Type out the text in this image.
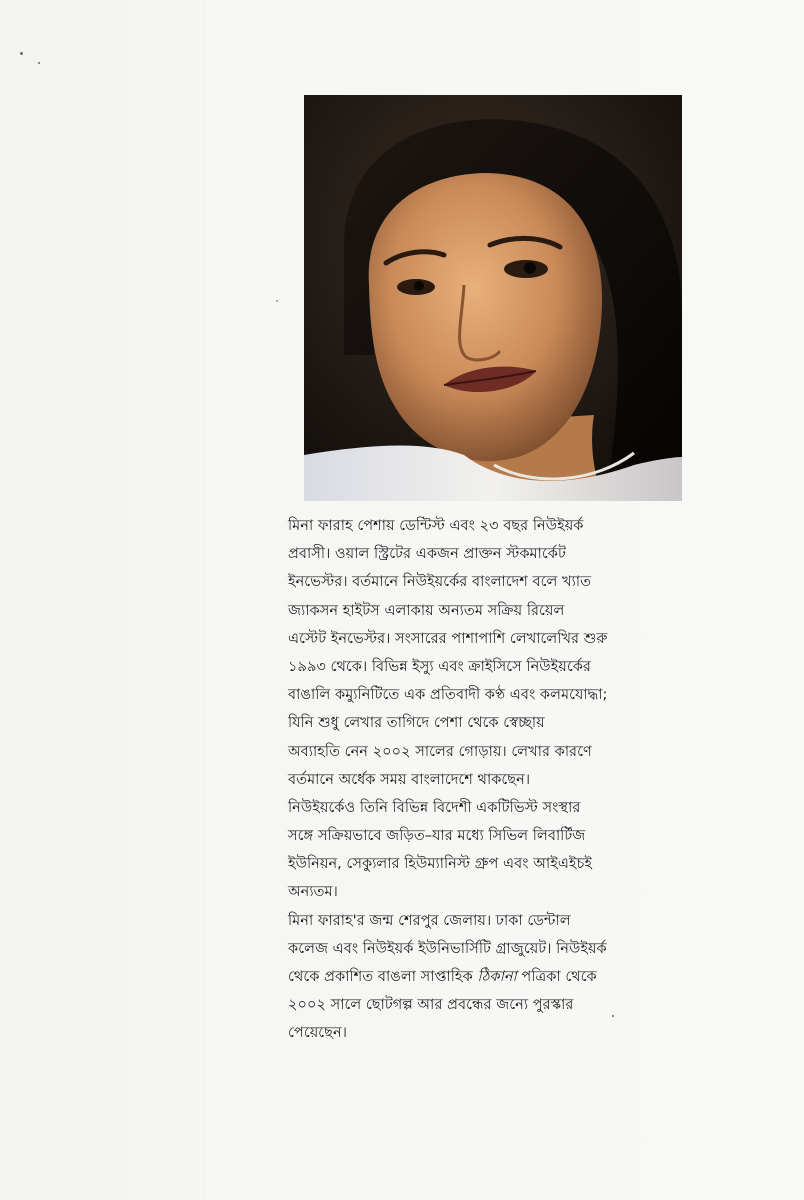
মিনা ফারাহ পেশায় ডেন্টিস্ট এবং ২৩ বছর নিউইয়র্ক
প্রবাসী। ওয়াল স্ট্রিটের একজন প্রাক্তন স্টকমার্কেট
ইনভেস্টর। বর্তমানে নিউইয়র্কের বাংলাদেশ বলে খ্যাত
জ্যাকসন হাইটস এলাকায় অন্যতম সক্রিয় রিয়েল
এস্টেট ইনভেস্টর। সংসারের পাশাপাশি লেখালেখির শুরু
১৯৯৩ থেকে। বিভিন্ন ইস্যু এবং ক্রাইসিসে নিউইয়র্কের
বাঙালি কম্যুনিটিতে এক প্রতিবাদী কণ্ঠ এবং কলমযোদ্ধা;
যিনি শুধু লেখার তাগিদে পেশা থেকে স্বেচ্ছায়
অব্যাহতি নেন ২০০২ সালের গোড়ায়। লেখার কারণে
বর্তমানে অর্ধেক সময় বাংলাদেশে থাকছেন।
নিউইয়র্কেও তিনি বিভিন্ন বিদেশী একটিভিস্ট সংস্থার
সঙ্গে সক্রিয়ভাবে জড়িত–যার মধ্যে সিভিল লিবার্টিজ
ইউনিয়ন, সেক্যুলার হিউম্যানিস্ট গ্রুপ এবং আইএইচই
অন্যতম।
মিনা ফারাহ'র জন্ম শেরপুর জেলায়। ঢাকা ডেন্টাল
কলেজ এবং নিউইয়র্ক ইউনিভার্সিটি গ্রাজুয়েট। নিউইয়র্ক
থেকে প্রকাশিত বাঙলা সাপ্তাহিক ঠিকানা পত্রিকা থেকে
২০০২ সালে ছোটগল্প আর প্রবন্ধের জন্যে পুরস্কার
পেয়েছেন।
